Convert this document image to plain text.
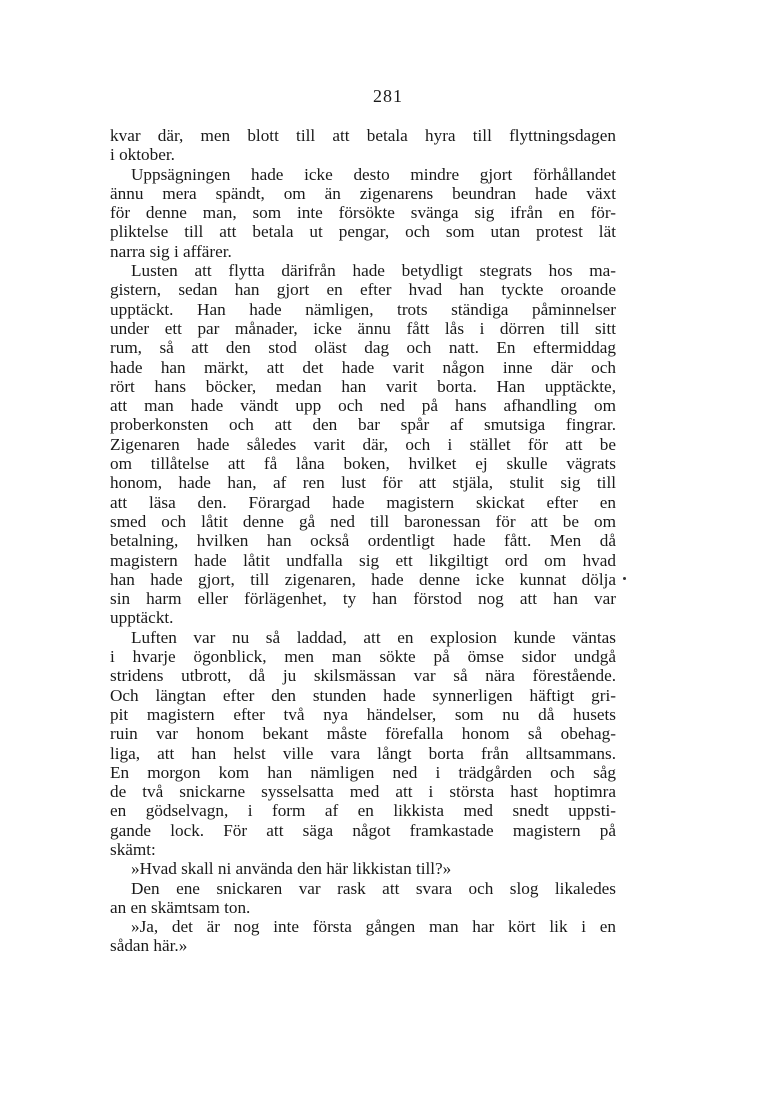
281
kvar där, men blott till att betala hyra till flyttningsdagen
i oktober.
Uppsägningen hade icke desto mindre gjort förhållandet
ännu mera spändt, om än zigenarens beundran hade växt
för denne man, som inte försökte svänga sig ifrån en för-
pliktelse till att betala ut pengar, och som utan protest lät
narra sig i affärer.
Lusten att flytta därifrån hade betydligt stegrats hos ma-
gistern, sedan han gjort en efter hvad han tyckte oroande
upptäckt. Han hade nämligen, trots ständiga påminnelser
under ett par månader, icke ännu fått lås i dörren till sitt
rum, så att den stod oläst dag och natt. En eftermiddag
hade han märkt, att det hade varit någon inne där och
rört hans böcker, medan han varit borta. Han upptäckte,
att man hade vändt upp och ned på hans afhandling om
proberkonsten och att den bar spår af smutsiga fingrar.
Zigenaren hade således varit där, och i stället för att be
om tillåtelse att få låna boken, hvilket ej skulle vägrats
honom, hade han, af ren lust för att stjäla, stulit sig till
att läsa den. Förargad hade magistern skickat efter en
smed och låtit denne gå ned till baronessan för att be om
betalning, hvilken han också ordentligt hade fått. Men då
magistern hade låtit undfalla sig ett likgiltigt ord om hvad
han hade gjort, till zigenaren, hade denne icke kunnat dölja
sin harm eller förlägenhet, ty han förstod nog att han var
upptäckt.
Luften var nu så laddad, att en explosion kunde väntas
i hvarje ögonblick, men man sökte på ömse sidor undgå
stridens utbrott, då ju skilsmässan var så nära förestående.
Och längtan efter den stunden hade synnerligen häftigt gri-
pit magistern efter två nya händelser, som nu då husets
ruin var honom bekant måste förefalla honom så obehag-
liga, att han helst ville vara långt borta från alltsammans.
En morgon kom han nämligen ned i trädgården och såg
de två snickarne sysselsatta med att i största hast hoptimra
en gödselvagn, i form af en likkista med snedt uppsti-
gande lock. För att säga något framkastade magistern på
skämt:
»Hvad skall ni använda den här likkistan till?»
Den ene snickaren var rask att svara och slog likaledes
an en skämtsam ton.
»Ja, det är nog inte första gången man har kört lik i en
sådan här.»
